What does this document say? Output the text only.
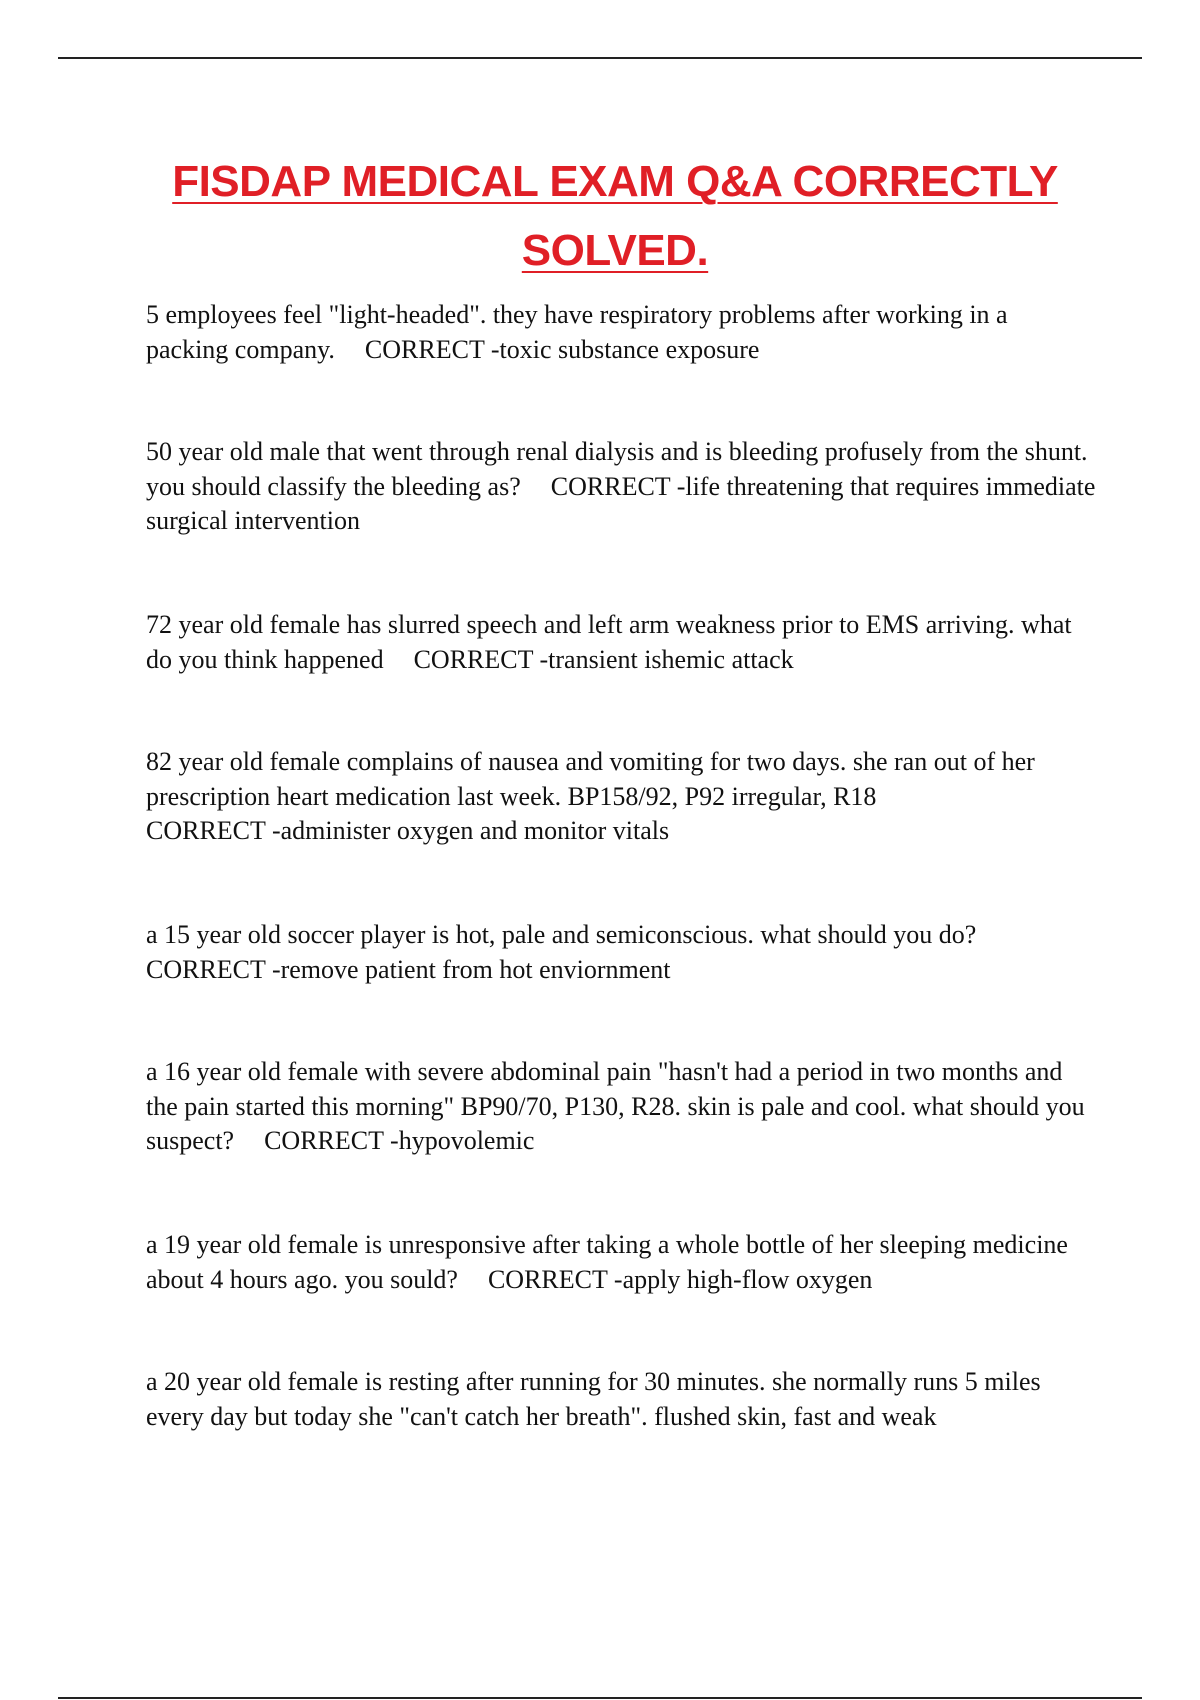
FISDAP MEDICAL EXAM Q&A CORRECTLY SOLVED.

5 employees feel "light-headed". they have respiratory problems after working in a packing company. CORRECT -toxic substance exposure

50 year old male that went through renal dialysis and is bleeding profusely from the shunt. you should classify the bleeding as? CORRECT -life threatening that requires immediate surgical intervention

72 year old female has slurred speech and left arm weakness prior to EMS arriving. what do you think happened CORRECT -transient ishemic attack

82 year old female complains of nausea and vomiting for two days. she ran out of her prescription heart medication last week. BP158/92, P92 irregular, R18
CORRECT -administer oxygen and monitor vitals

a 15 year old soccer player is hot, pale and semiconscious. what should you do?
CORRECT -remove patient from hot enviornment

a 16 year old female with severe abdominal pain "hasn't had a period in two months and the pain started this morning" BP90/70, P130, R28. skin is pale and cool. what should you suspect? CORRECT -hypovolemic

a 19 year old female is unresponsive after taking a whole bottle of her sleeping medicine about 4 hours ago. you sould? CORRECT -apply high-flow oxygen

a 20 year old female is resting after running for 30 minutes. she normally runs 5 miles every day but today she "can't catch her breath". flushed skin, fast and weak
